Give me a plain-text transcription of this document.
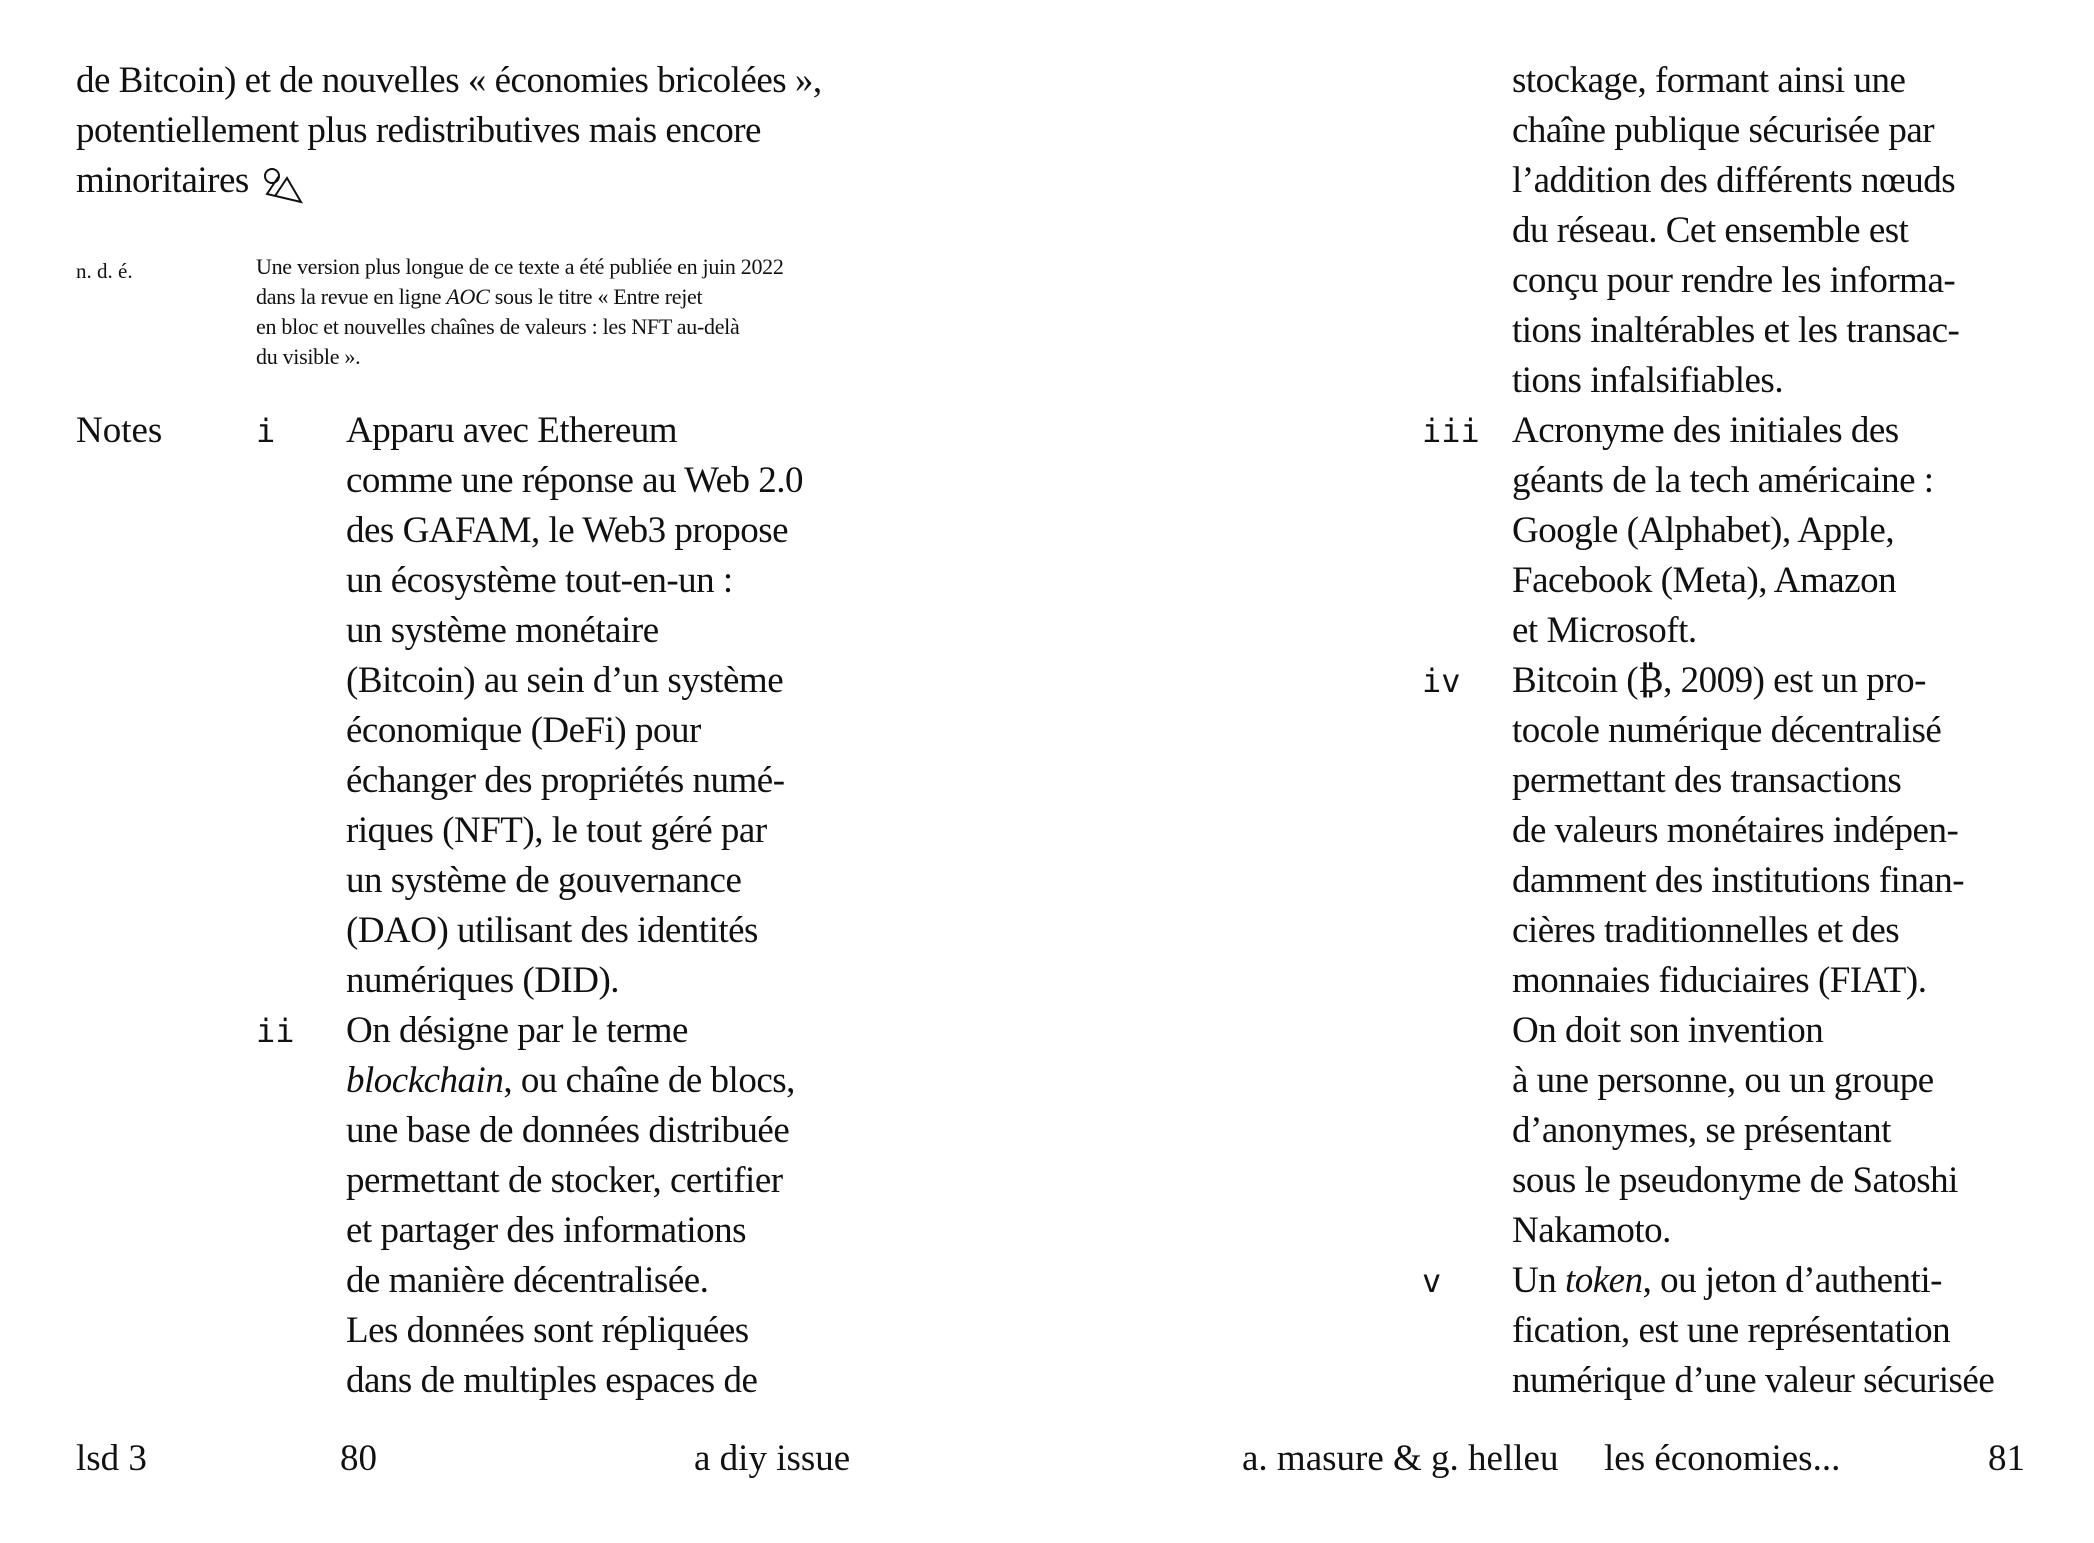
de Bitcoin) et de nouvelles « économies bricolées »,
potentiellement plus redistributives mais encore
minoritaires
n. d. é.	Une version plus longue de ce texte a été publiée en juin 2022
dans la revue en ligne AOC sous le titre « Entre rejet
en bloc et nouvelles chaînes de valeurs : les NFT au-delà
du visible ».
Notes	i Apparu avec Ethereum
comme une réponse au Web 2.0
des GAFAM, le Web3 propose
un écosystème tout-en-un :
un système monétaire
(Bitcoin) au sein d’un système
économique (DeFi) pour
échanger des propriétés numé-
riques (NFT), le tout géré par
un système de gouvernance
(DAO) utilisant des identités
numériques (DID).
ii On désigne par le terme
blockchain, ou chaîne de blocs,
une base de données distribuée
permettant de stocker, certifier
et partager des informations
de manière décentralisée.
Les données sont répliquées
dans de multiples espaces de
lsd 3	80	a diy issue
stockage, formant ainsi une
chaîne publique sécurisée par
l’addition des différents nœuds
du réseau. Cet ensemble est
conçu pour rendre les informa-
tions inaltérables et les transac-
tions infalsifiables.
iii Acronyme des initiales des
géants de la tech américaine :
Google (Alphabet), Apple,
Facebook (Meta), Amazon
et Microsoft.
iv Bitcoin (₿, 2009) est un pro-
tocole numérique décentralisé
permettant des transactions
de valeurs monétaires indépen-
damment des institutions finan-
cières traditionnelles et des
monnaies fiduciaires (FIAT).
On doit son invention
à une personne, ou un groupe
d’anonymes, se présentant
sous le pseudonyme de Satoshi
Nakamoto.
v Un token, ou jeton d’authenti-
fication, est une représentation
numérique d’une valeur sécurisée
a. masure & g. helleu les économies...	81
